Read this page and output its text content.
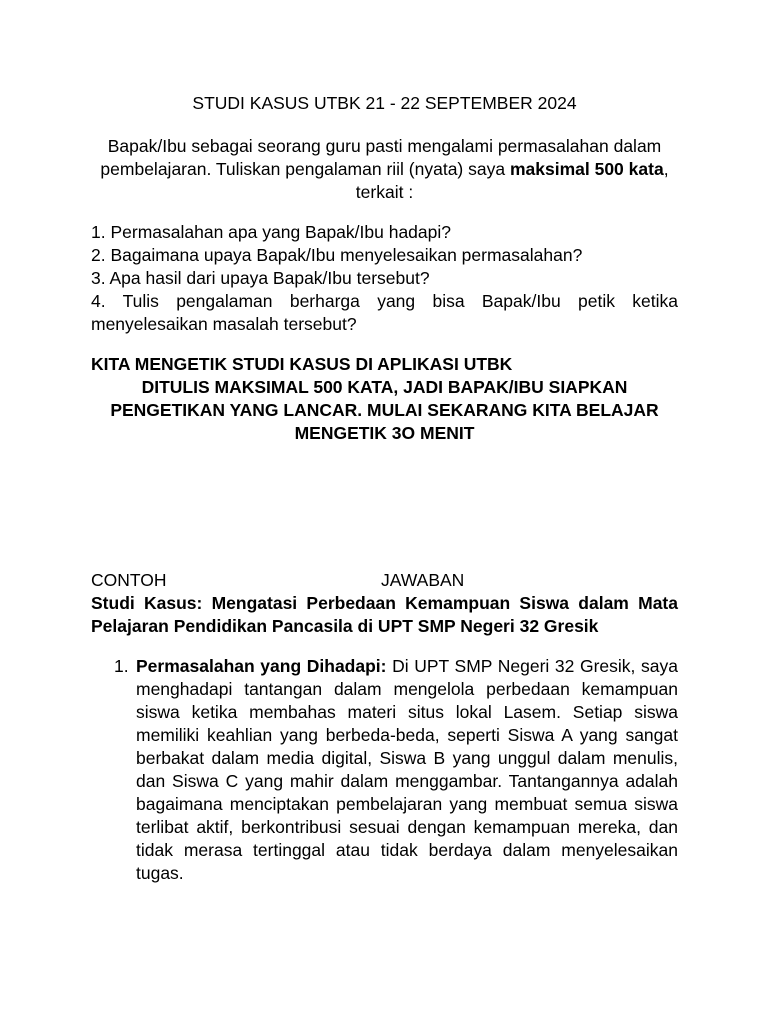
STUDI KASUS UTBK 21 - 22 SEPTEMBER 2024
Bapak/Ibu sebagai seorang guru pasti mengalami permasalahan dalam pembelajaran. Tuliskan pengalaman riil (nyata) saya maksimal 500 kata, terkait :
1. Permasalahan apa yang Bapak/Ibu hadapi?
2. Bagaimana upaya Bapak/Ibu menyelesaikan permasalahan?
3. Apa hasil dari upaya Bapak/Ibu tersebut?
4. Tulis pengalaman berharga yang bisa Bapak/Ibu petik ketika menyelesaikan masalah tersebut?
KITA MENGETIK STUDI KASUS DI APLIKASI UTBK
DITULIS MAKSIMAL 500 KATA, JADI BAPAK/IBU SIAPKAN PENGETIKAN YANG LANCAR. MULAI SEKARANG KITA BELAJAR MENGETIK 3O MENIT
CONTOH	JAWABAN
Studi Kasus: Mengatasi Perbedaan Kemampuan Siswa dalam Mata Pelajaran Pendidikan Pancasila di UPT SMP Negeri 32 Gresik
1. Permasalahan yang Dihadapi: Di UPT SMP Negeri 32 Gresik, saya menghadapi tantangan dalam mengelola perbedaan kemampuan siswa ketika membahas materi situs lokal Lasem. Setiap siswa memiliki keahlian yang berbeda-beda, seperti Siswa A yang sangat berbakat dalam media digital, Siswa B yang unggul dalam menulis, dan Siswa C yang mahir dalam menggambar. Tantangannya adalah bagaimana menciptakan pembelajaran yang membuat semua siswa terlibat aktif, berkontribusi sesuai dengan kemampuan mereka, dan tidak merasa tertinggal atau tidak berdaya dalam menyelesaikan tugas.
